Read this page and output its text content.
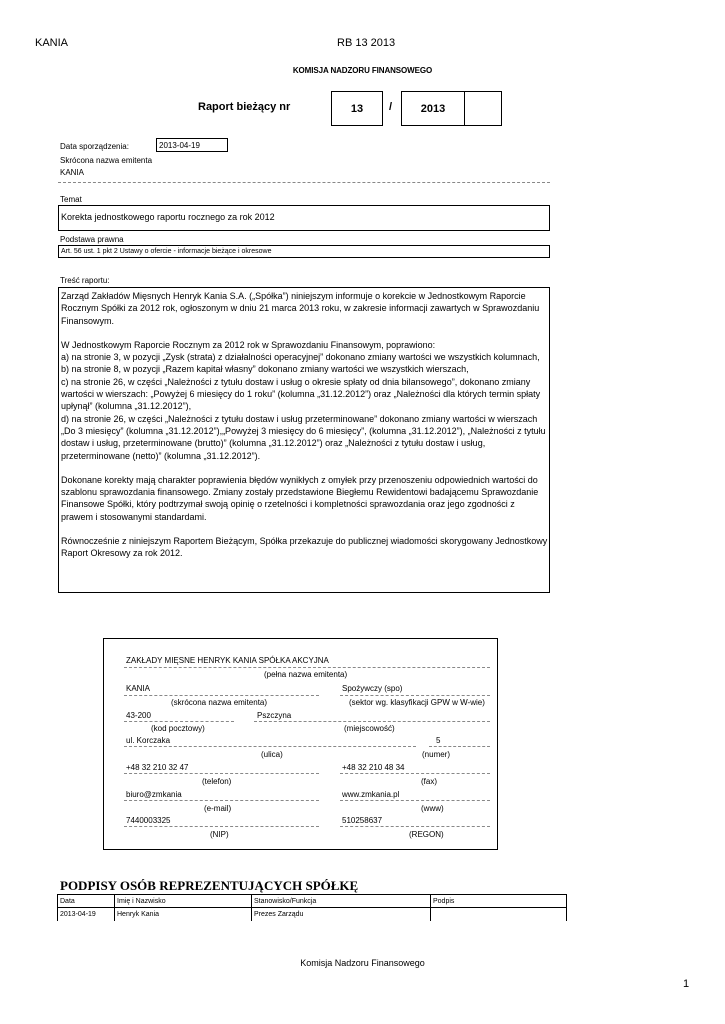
KANIA	RB 13 2013
KOMISJA NADZORU FINANSOWEGO
Raport bieżący nr	13 /	2013
Data sporządzenia:	2013-04-19
Skrócona nazwa emitenta
KANIA
Temat
Korekta jednostkowego raportu rocznego za rok 2012
Podstawa prawna
Art. 56 ust. 1 pkt 2 Ustawy o ofercie - informacje bieżące i okresowe
Treść raportu:

Zarząd Zakładów Mięsnych Henryk Kania S.A. („Spółka”) niniejszym informuje o korekcie w Jednostkowym Raporcie Rocznym Spółki za 2012 rok, ogłoszonym w dniu 21 marca 2013 roku, w zakresie informacji zawartych w Sprawozdaniu Finansowym.

W Jednostkowym Raporcie Rocznym za 2012 rok w Sprawozdaniu Finansowym, poprawiono:
a) na stronie 3, w pozycji „Zysk (strata) z działalności operacyjnej” dokonano zmiany wartości we wszystkich kolumnach,
b) na stronie 8, w pozycji „Razem kapitał własny” dokonano zmiany wartości we wszystkich wierszach,
c) na stronie 26, w części „Należności z tytułu dostaw i usług o okresie spłaty od dnia bilansowego”, dokonano zmiany wartości w wierszach: „Powyżej 6 miesięcy do 1 roku” (kolumna „31.12.2012”) oraz „Należności dla których termin spłaty upłynął” (kolumna „31.12.2012”),
d) na stronie 26, w części „Należności z tytułu dostaw i usług przeterminowane” dokonano zmiany wartości w wierszach „Do 3 miesięcy” (kolumna „31.12.2012”),„Powyżej 3 miesięcy do 6 miesięcy”, (kolumna „31.12.2012”), „Należności z tytułu dostaw i usług, przeterminowane (brutto)” (kolumna „31.12.2012”) oraz „Należności z tytułu dostaw i usług, przeterminowane (netto)” (kolumna „31.12.2012”).

Dokonane korekty mają charakter poprawienia błędów wynikłych z omyłek przy przenoszeniu odpowiednich wartości do szablonu sprawozdania finansowego. Zmiany zostały przedstawione Biegłemu Rewidentowi badającemu Sprawozdanie Finansowe Spółki, który podtrzymał swoją opinię o rzetelności i kompletności sprawozdania oraz jego zgodności z prawem i stosowanymi standardami.

Równocześnie z niniejszym Raportem Bieżącym, Spółka przekazuje do publicznej wiadomości skorygowany Jednostkowy Raport Okresowy za rok 2012.

ZAKŁADY MIĘSNE HENRYK KANIA SPÓŁKA AKCYJNA
(pełna nazwa emitenta)
KANIA	Spożywczy (spo)
(skrócona nazwa emitenta)	(sektor wg. klasyfikacji GPW w W-wie)
43-200	Pszczyna
(kod pocztowy)	(miejscowość)
ul. Korczaka	5
(ulica)	(numer)
+48 32 210 32 47	+48 32 210 48 34
(telefon)	(fax)
biuro@zmkania	www.zmkania.pl
(e-mail)	(www)
7440003325	510258637
(NIP)	(REGON)
PODPISY OSÓB REPREZENTUJĄCYCH SPÓŁKĘ
Data	Imię i Nazwisko	Stanowisko/Funkcja	Podpis
2013-04-19	Henryk Kania	Prezes Zarządu	
Komisja Nadzoru Finansowego
1
